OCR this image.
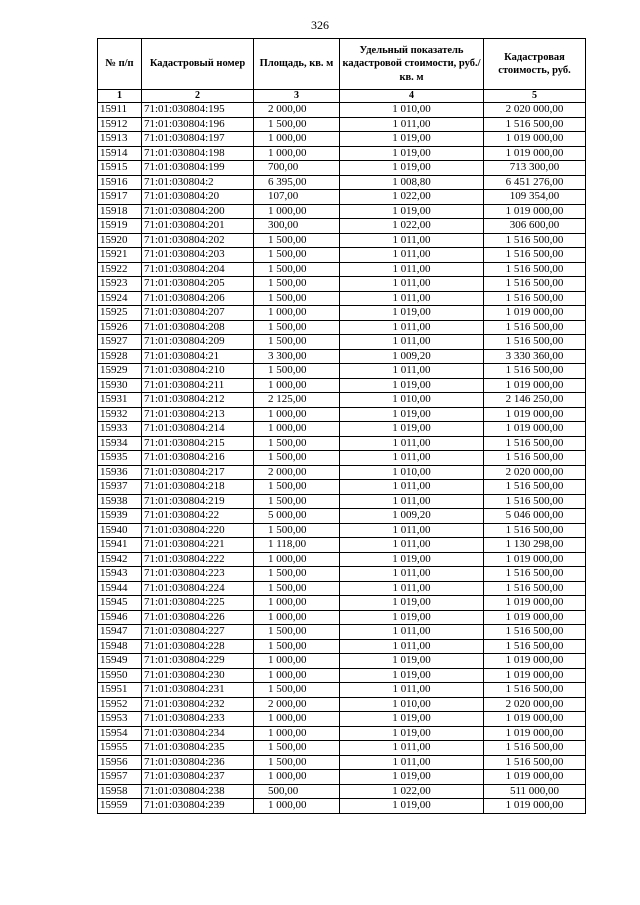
326
№ п/п	Кадастровый номер	Площадь, кв. м	Удельный показатель кадастровой стоимости, руб./кв. м	Кадастровая стоимость, руб.
1	2	3	4	5
15911	71:01:030804:195	2 000,00	1 010,00	2 020 000,00
15912	71:01:030804:196	1 500,00	1 011,00	1 516 500,00
15913	71:01:030804:197	1 000,00	1 019,00	1 019 000,00
15914	71:01:030804:198	1 000,00	1 019,00	1 019 000,00
15915	71:01:030804:199	700,00	1 019,00	713 300,00
15916	71:01:030804:2	6 395,00	1 008,80	6 451 276,00
15917	71:01:030804:20	107,00	1 022,00	109 354,00
15918	71:01:030804:200	1 000,00	1 019,00	1 019 000,00
15919	71:01:030804:201	300,00	1 022,00	306 600,00
15920	71:01:030804:202	1 500,00	1 011,00	1 516 500,00
15921	71:01:030804:203	1 500,00	1 011,00	1 516 500,00
15922	71:01:030804:204	1 500,00	1 011,00	1 516 500,00
15923	71:01:030804:205	1 500,00	1 011,00	1 516 500,00
15924	71:01:030804:206	1 500,00	1 011,00	1 516 500,00
15925	71:01:030804:207	1 000,00	1 019,00	1 019 000,00
15926	71:01:030804:208	1 500,00	1 011,00	1 516 500,00
15927	71:01:030804:209	1 500,00	1 011,00	1 516 500,00
15928	71:01:030804:21	3 300,00	1 009,20	3 330 360,00
15929	71:01:030804:210	1 500,00	1 011,00	1 516 500,00
15930	71:01:030804:211	1 000,00	1 019,00	1 019 000,00
15931	71:01:030804:212	2 125,00	1 010,00	2 146 250,00
15932	71:01:030804:213	1 000,00	1 019,00	1 019 000,00
15933	71:01:030804:214	1 000,00	1 019,00	1 019 000,00
15934	71:01:030804:215	1 500,00	1 011,00	1 516 500,00
15935	71:01:030804:216	1 500,00	1 011,00	1 516 500,00
15936	71:01:030804:217	2 000,00	1 010,00	2 020 000,00
15937	71:01:030804:218	1 500,00	1 011,00	1 516 500,00
15938	71:01:030804:219	1 500,00	1 011,00	1 516 500,00
15939	71:01:030804:22	5 000,00	1 009,20	5 046 000,00
15940	71:01:030804:220	1 500,00	1 011,00	1 516 500,00
15941	71:01:030804:221	1 118,00	1 011,00	1 130 298,00
15942	71:01:030804:222	1 000,00	1 019,00	1 019 000,00
15943	71:01:030804:223	1 500,00	1 011,00	1 516 500,00
15944	71:01:030804:224	1 500,00	1 011,00	1 516 500,00
15945	71:01:030804:225	1 000,00	1 019,00	1 019 000,00
15946	71:01:030804:226	1 000,00	1 019,00	1 019 000,00
15947	71:01:030804:227	1 500,00	1 011,00	1 516 500,00
15948	71:01:030804:228	1 500,00	1 011,00	1 516 500,00
15949	71:01:030804:229	1 000,00	1 019,00	1 019 000,00
15950	71:01:030804:230	1 000,00	1 019,00	1 019 000,00
15951	71:01:030804:231	1 500,00	1 011,00	1 516 500,00
15952	71:01:030804:232	2 000,00	1 010,00	2 020 000,00
15953	71:01:030804:233	1 000,00	1 019,00	1 019 000,00
15954	71:01:030804:234	1 000,00	1 019,00	1 019 000,00
15955	71:01:030804:235	1 500,00	1 011,00	1 516 500,00
15956	71:01:030804:236	1 500,00	1 011,00	1 516 500,00
15957	71:01:030804:237	1 000,00	1 019,00	1 019 000,00
15958	71:01:030804:238	500,00	1 022,00	511 000,00
15959	71:01:030804:239	1 000,00	1 019,00	1 019 000,00
